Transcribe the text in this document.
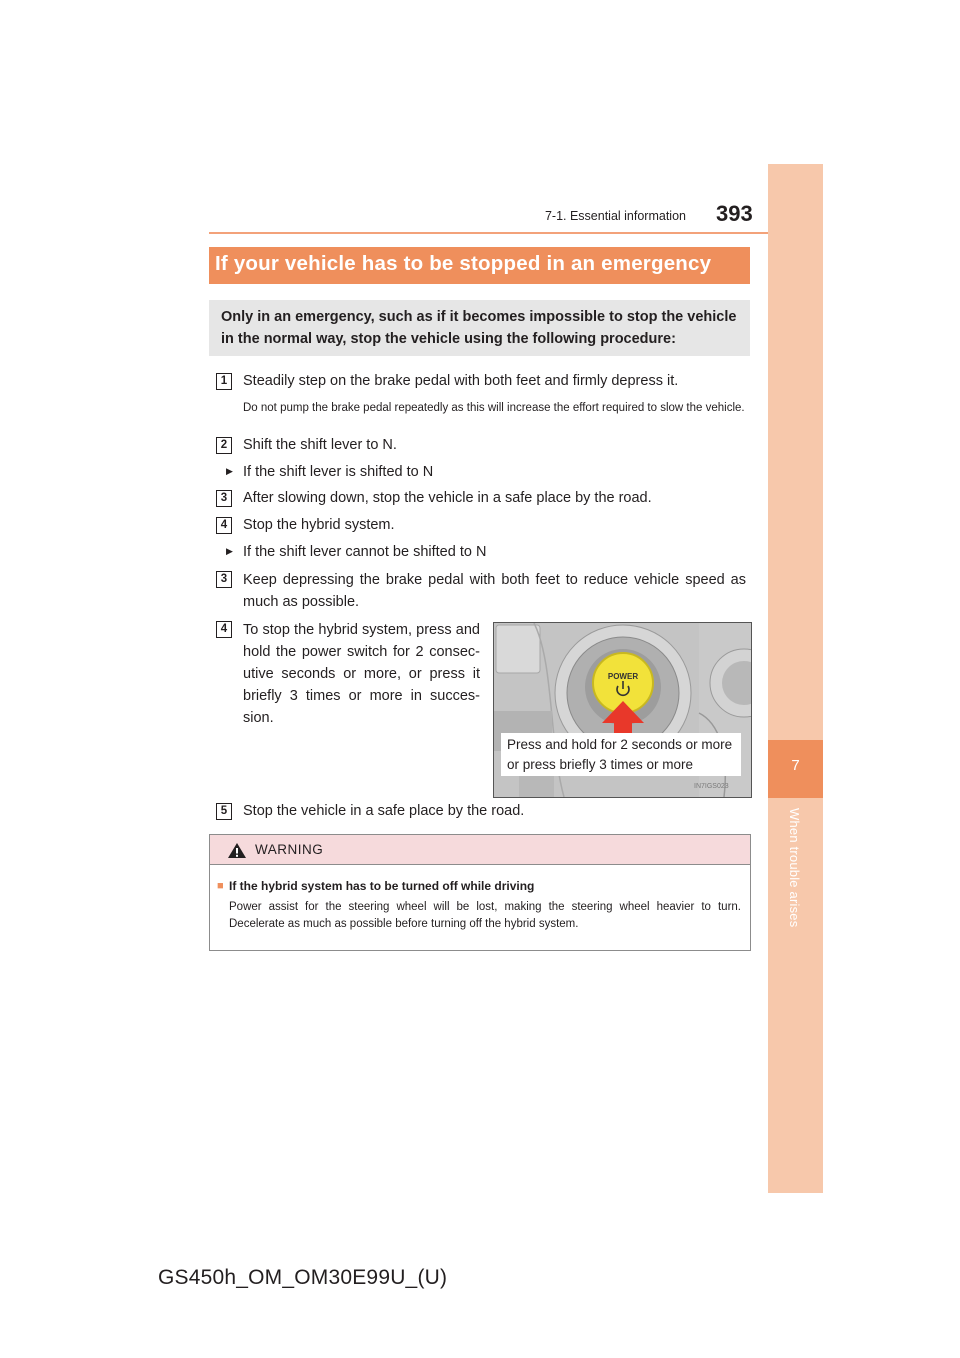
7-1. Essential information 393
7
When trouble arises
If your vehicle has to be stopped in an emergency
Only in an emergency, such as if it becomes impossible to stop the vehicle in the normal way, stop the vehicle using the following procedure:
1	Steadily step on the brake pedal with both feet and firmly depress it.
Do not pump the brake pedal repeatedly as this will increase the effort required to slow the vehicle.
2	Shift the shift lever to N.
▶ If the shift lever is shifted to N
3	After slowing down, stop the vehicle in a safe place by the road.
4	Stop the hybrid system.
▶ If the shift lever cannot be shifted to N
3	Keep depressing the brake pedal with both feet to reduce vehicle speed as much as possible.
4	To stop the hybrid system, press and hold the power switch for 2 consec-utive seconds or more, or press it briefly 3 times or more in succes-sion.
POWER
Press and hold for 2 seconds or more or press briefly 3 times or more
IN7IGS023
5	Stop the vehicle in a safe place by the road.
WARNING
■ If the hybrid system has to be turned off while driving
Power assist for the steering wheel will be lost, making the steering wheel heavier to turn. Decelerate as much as possible before turning off the hybrid system.
GS450h_OM_OM30E99U_(U)
